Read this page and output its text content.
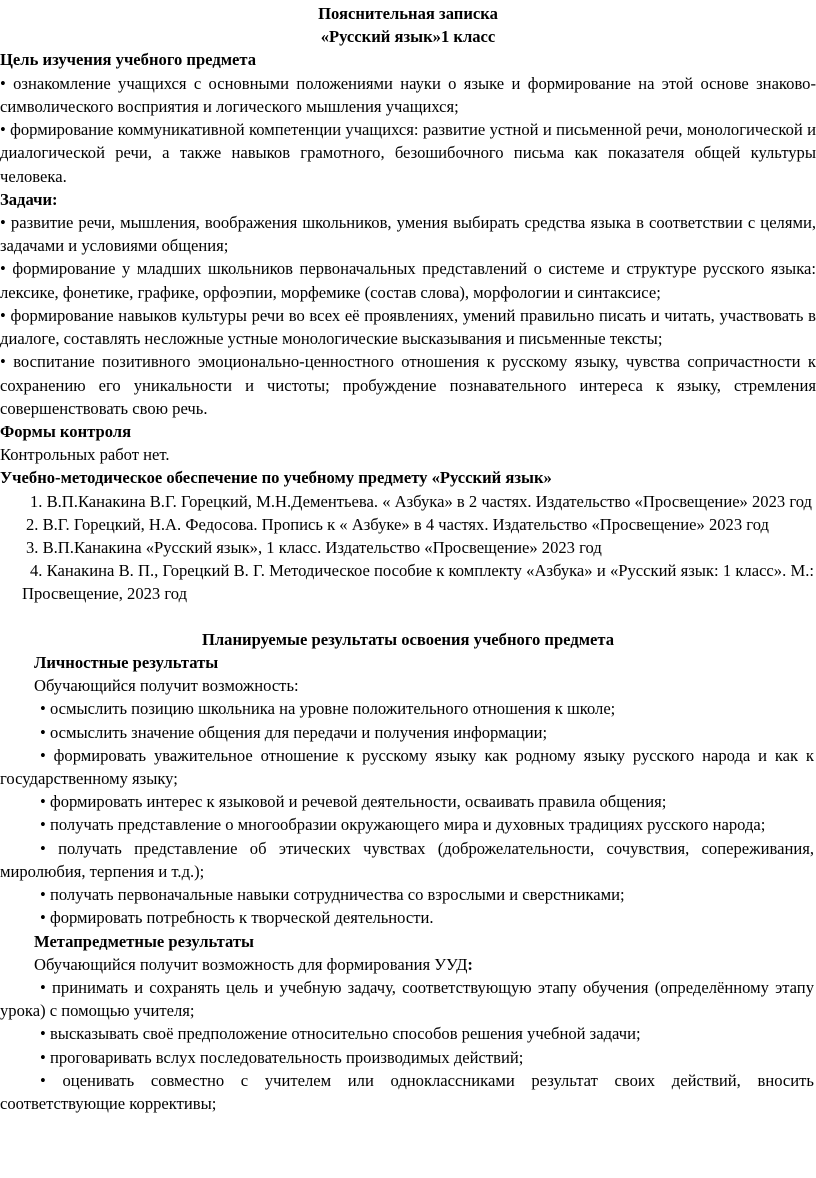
Пояснительная записка

«Русский язык»1 класс

Цель изучения учебного предмета

• ознакомление учащихся с основными положениями науки о языке и формирование на этой основе знаково-символического восприятия и логического мышления учащихся;

• формирование коммуникативной компетенции учащихся: развитие устной и письменной речи, монологической и диалогической речи, а также навыков грамотного, безошибочного письма как показателя общей культуры человека.

Задачи:

• развитие речи, мышления, воображения школьников, умения выбирать средства языка в соответствии с целями, задачами и условиями общения;

• формирование у младших школьников первоначальных представлений о системе и структуре русского языка: лексике, фонетике, графике, орфоэпии, морфемике (состав слова), морфологии и синтаксисе;

• формирование навыков культуры речи во всех её проявлениях, умений правильно писать и читать, участвовать в диалоге, составлять несложные устные монологические высказывания и письменные тексты;

• воспитание позитивного эмоционально-ценностного отношения к русскому языку, чувства сопричастности к сохранению его уникальности и чистоты; пробуждение познавательного интереса к языку, стремления совершенствовать свою речь.

Формы контроля

Контрольных работ нет.

Учебно-методическое обеспечение по учебному предмету «Русский язык»

1. В.П.Канакина В.Г. Горецкий, М.Н.Дементьева. « Азбука» в 2 частях. Издательство «Просвещение» 2023 год

2. В.Г. Горецкий, Н.А. Федосова. Пропись к « Азбуке» в 4 частях. Издательство «Просвещение» 2023 год

3. В.П.Канакина «Русский язык», 1 класс. Издательство «Просвещение» 2023 год

4. Канакина В. П., Горецкий В. Г. Методическое пособие к комплекту «Азбука» и «Русский язык: 1 класс». М.: Просвещение, 2023 год

Планируемые результаты освоения учебного предмета

Личностные результаты

Обучающийся получит возможность:

• осмыслить позицию школьника на уровне положительного отношения к школе;

• осмыслить значение общения для передачи и получения информации;

• формировать уважительное отношение к русскому языку как родному языку русского народа и как к государственному языку;

• формировать интерес к языковой и речевой деятельности, осваивать правила общения;

• получать представление о многообразии окружающего мира и духовных традициях русского народа;

• получать представление об этических чувствах (доброжелательности, сочувствия, сопереживания, миролюбия, терпения и т.д.);

• получать первоначальные навыки сотрудничества со взрослыми и сверстниками;

• формировать потребность к творческой деятельности.

Метапредметные результаты

Обучающийся получит возможность для формирования УУД:

• принимать и сохранять цель и учебную задачу, соответствующую этапу обучения (определённому этапу урока) с помощью учителя;

• высказывать своё предположение относительно способов решения учебной задачи;

• проговаривать вслух последовательность производимых действий;

• оценивать совместно с учителем или одноклассниками результат своих действий, вносить соответствующие коррективы;
